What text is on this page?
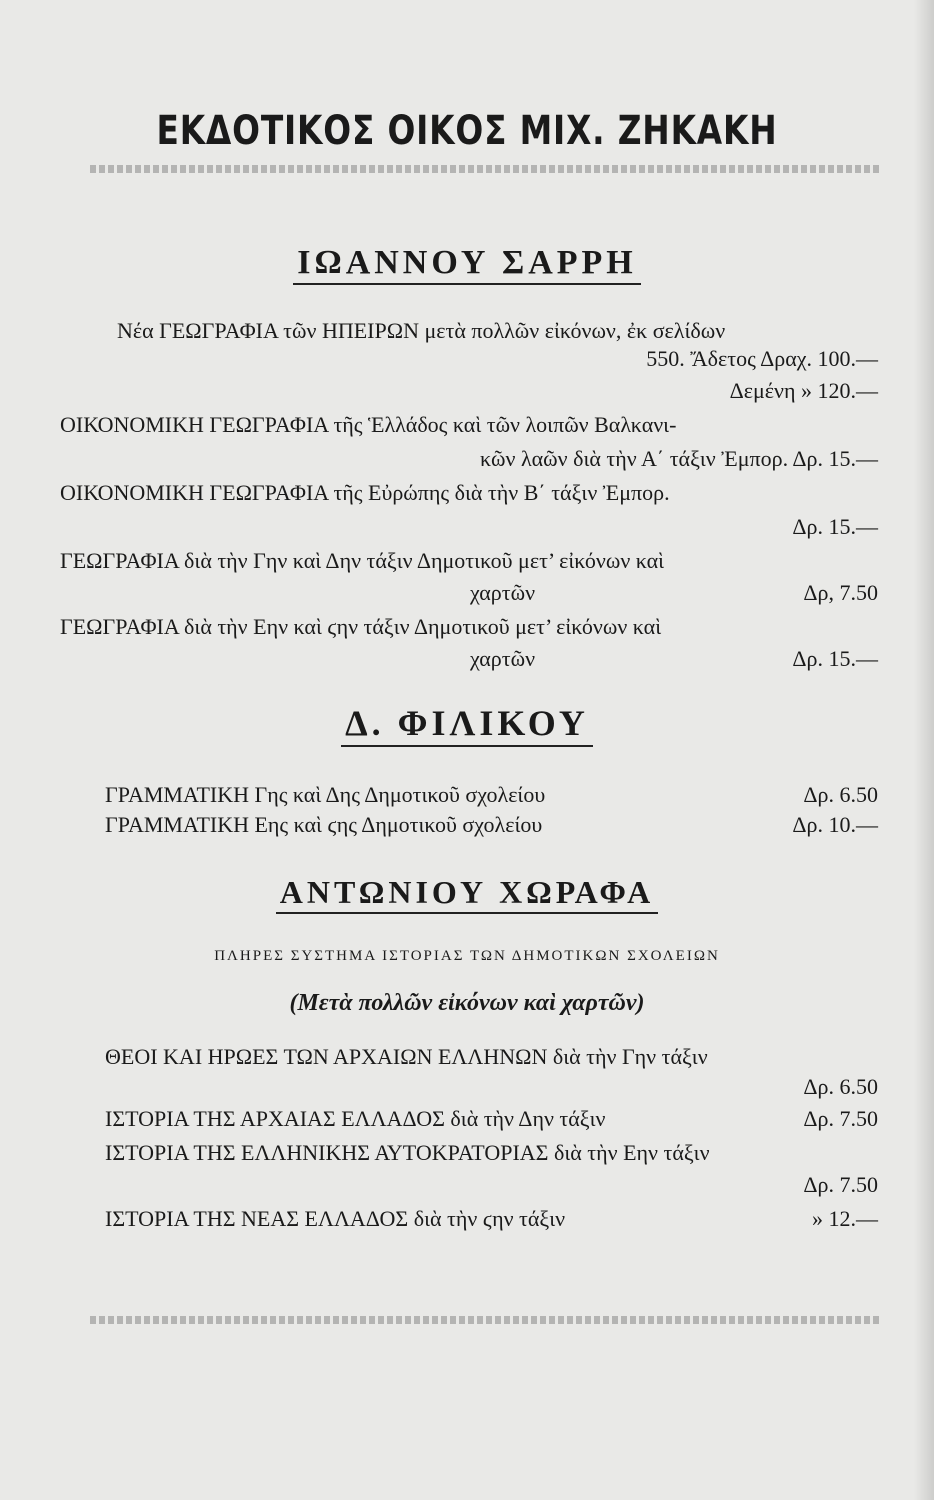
ΕΚΔΟΤΙΚΟΣ ΟΙΚΟΣ ΜΙΧ. ΖΗΚΑΚΗ
ΙΩΑΝΝΟΥ ΣΑΡΡΗ
Νέα ΓΕΩΓΡΑΦΙΑ τῶν ΗΠΕΙΡΩΝ μετὰ πολλῶν εἰκόνων, ἐκ σελίδων
550. Ἄδετος Δραχ. 100.—
Δεμένη » 120.—
ΟΙΚΟΝΟΜΙΚΗ ΓΕΩΓΡΑΦΙΑ τῆς Ἑλλάδος καὶ τῶν λοιπῶν Βαλκανι-
κῶν λαῶν διὰ τὴν Α΄ τάξιν Ἐμπορ. Δρ. 15.—
ΟΙΚΟΝΟΜΙΚΗ ΓΕΩΓΡΑΦΙΑ τῆς Εὐρώπης διὰ τὴν Β΄ τάξιν Ἐμπορ.
Δρ. 15.—
ΓΕΩΓΡΑΦΙΑ διὰ τὴν Γην καὶ Δην τάξιν Δημοτικοῦ μετ’ εἰκόνων καὶ
χαρτῶν	Δρ, 7.50
ΓΕΩΓΡΑΦΙΑ διὰ τὴν Εην καὶ ϛην τάξιν Δημοτικοῦ μετ’ εἰκόνων καὶ
χαρτῶν	Δρ. 15.—
Δ. ΦΙΛΙΚΟΥ
ΓΡΑΜΜΑΤΙΚΗ Γης καὶ Δης Δημοτικοῦ σχολείου	Δρ. 6.50
ΓΡΑΜΜΑΤΙΚΗ Εης καὶ ϛης Δημοτικοῦ σχολείου	Δρ. 10.—
ΑΝΤΩΝΙΟΥ ΧΩΡΑΦΑ
ΠΛΗΡΕΣ ΣΥΣΤΗΜΑ ΙΣΤΟΡΙΑΣ ΤΩΝ ΔΗΜΟΤΙΚΩΝ ΣΧΟΛΕΙΩΝ
(Μετὰ πολλῶν εἰκόνων καὶ χαρτῶν)
ΘΕΟΙ ΚΑΙ ΗΡΩΕΣ ΤΩΝ ΑΡΧΑΙΩΝ ΕΛΛΗΝΩΝ διὰ τὴν Γην τάξιν
Δρ. 6.50
ΙΣΤΟΡΙΑ ΤΗΣ ΑΡΧΑΙΑΣ ΕΛΛΑΔΟΣ διὰ τὴν Δην τάξιν	Δρ. 7.50
ΙΣΤΟΡΙΑ ΤΗΣ ΕΛΛΗΝΙΚΗΣ ΑΥΤΟΚΡΑΤΟΡΙΑΣ διὰ τὴν Εην τάξιν
Δρ. 7.50
ΙΣΤΟΡΙΑ ΤΗΣ ΝΕΑΣ ΕΛΛΑΔΟΣ διὰ τὴν ϛην τάξιν	» 12.—
